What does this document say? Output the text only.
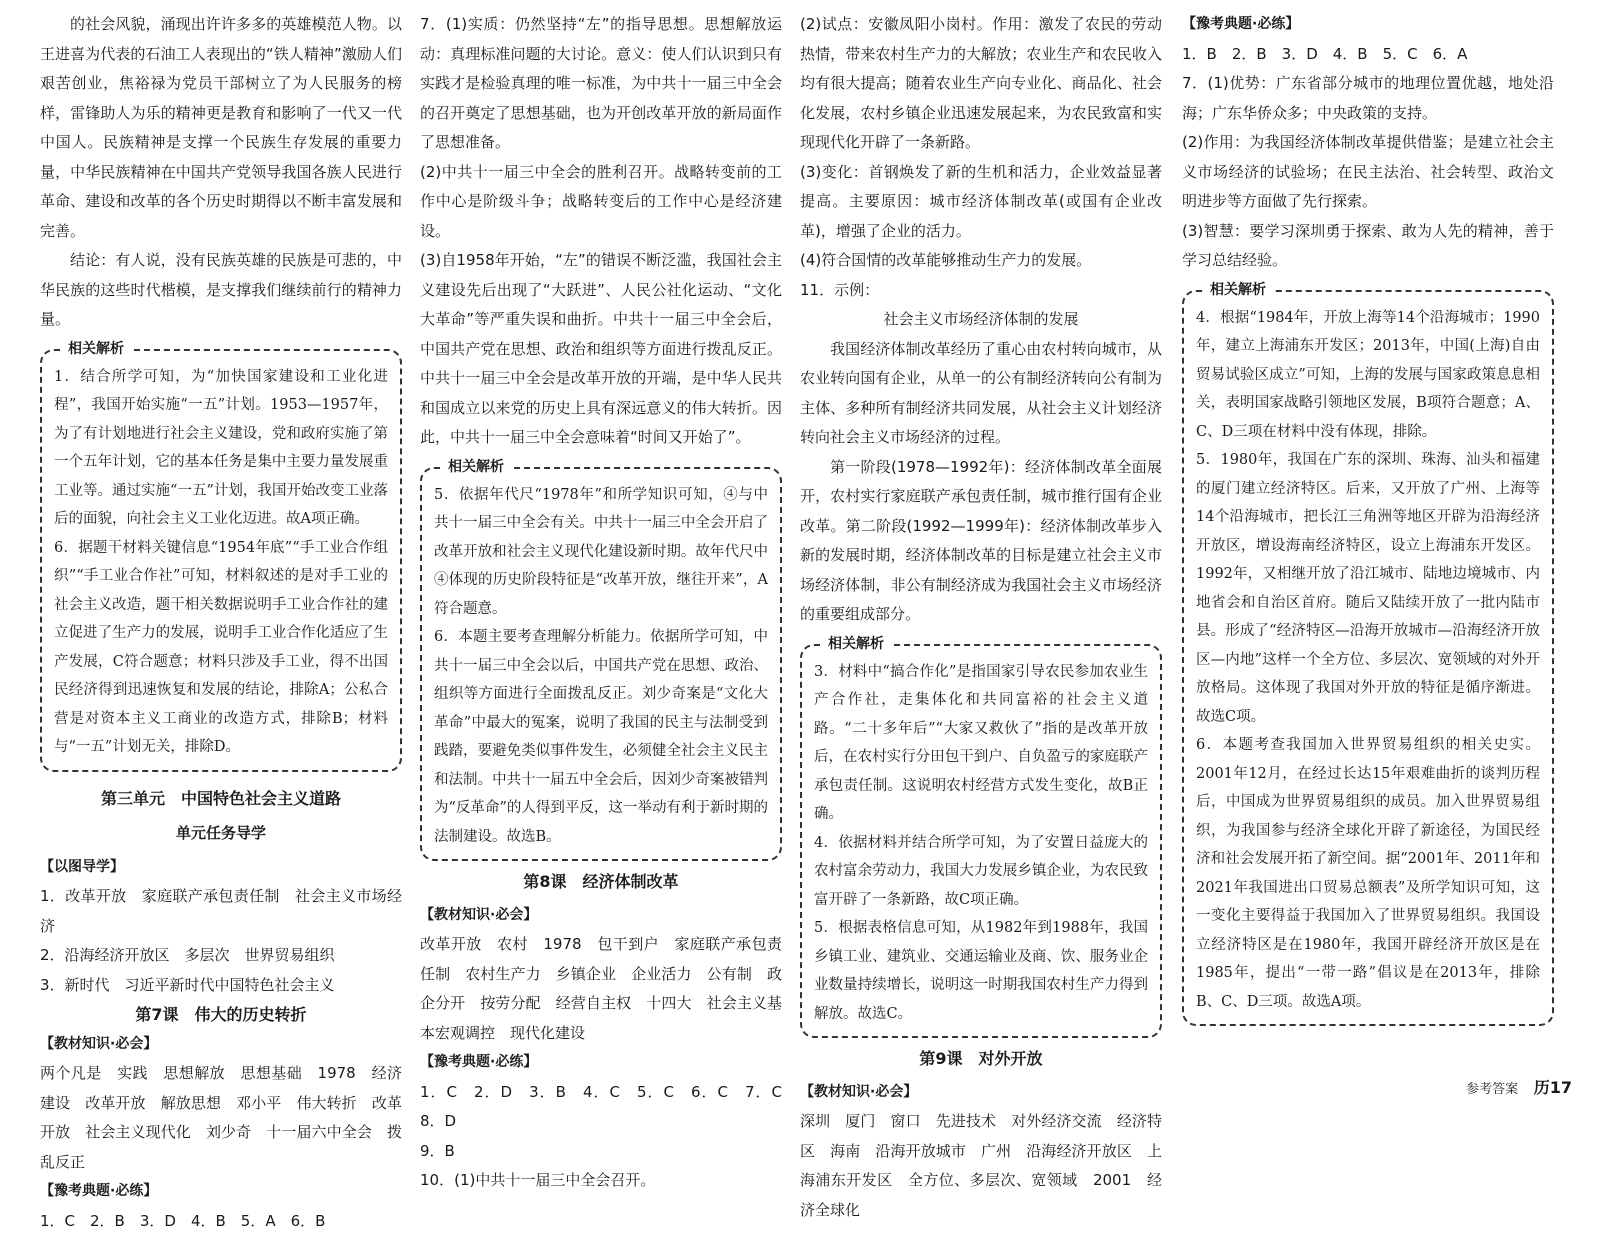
的社会风貌，涌现出许许多多的英雄模范人物。以王进喜为代表的石油工人表现出的“铁人精神”激励人们艰苦创业，焦裕禄为党员干部树立了为人民服务的榜样，雷锋助人为乐的精神更是教育和影响了一代又一代中国人。民族精神是支撑一个民族生存发展的重要力量，中华民族精神在中国共产党领导我国各族人民进行革命、建设和改革的各个历史时期得以不断丰富发展和完善。

结论：有人说，没有民族英雄的民族是可悲的，中华民族的这些时代楷模，是支撑我们继续前行的精神力量。

相关解析

1．结合所学可知，为“加快国家建设和工业化进程”，我国开始实施“一五”计划。1953—1957年，为了有计划地进行社会主义建设，党和政府实施了第一个五年计划，它的基本任务是集中主要力量发展重工业等。通过实施“一五”计划，我国开始改变工业落后的面貌，向社会主义工业化迈进。故A项正确。

6．据题干材料关键信息“1954年底”“手工业合作组织”“手工业合作社”可知，材料叙述的是对手工业的社会主义改造，题干相关数据说明手工业合作社的建立促进了生产力的发展，说明手工业合作化适应了生产发展，C符合题意；材料只涉及手工业，得不出国民经济得到迅速恢复和发展的结论，排除A；公私合营是对资本主义工商业的改造方式，排除B；材料与“一五”计划无关，排除D。

第三单元　中国特色社会主义道路
单元任务导学
【以图导学】

1．改革开放　家庭联产承包责任制　社会主义市场经济

2．沿海经济开放区　多层次　世界贸易组织

3．新时代　习近平新时代中国特色社会主义

第7课　伟大的历史转折
【教材知识·必会】

两个凡是　实践　思想解放　思想基础　1978　经济建设　改革开放　解放思想　邓小平　伟大转折　改革开放　社会主义现代化　刘少奇　十一届六中全会　拨乱反正

【豫考典题·必练】

1．C　2．B　3．D　4．B　5．A　6．B

7．(1)实质：仍然坚持“左”的指导思想。思想解放运动：真理标准问题的大讨论。意义：使人们认识到只有实践才是检验真理的唯一标准，为中共十一届三中全会的召开奠定了思想基础，也为开创改革开放的新局面作了思想准备。

(2)中共十一届三中全会的胜利召开。战略转变前的工作中心是阶级斗争；战略转变后的工作中心是经济建设。

(3)自1958年开始，“左”的错误不断泛滥，我国社会主义建设先后出现了“大跃进”、人民公社化运动、“文化大革命”等严重失误和曲折。中共十一届三中全会后，中国共产党在思想、政治和组织等方面进行拨乱反正。中共十一届三中全会是改革开放的开端，是中华人民共和国成立以来党的历史上具有深远意义的伟大转折。因此，中共十一届三中全会意味着“时间又开始了”。

相关解析

5．依据年代尺“1978年”和所学知识可知，④与中共十一届三中全会有关。中共十一届三中全会开启了改革开放和社会主义现代化建设新时期。故年代尺中④体现的历史阶段特征是“改革开放，继往开来”，A符合题意。

6．本题主要考查理解分析能力。依据所学可知，中共十一届三中全会以后，中国共产党在思想、政治、组织等方面进行全面拨乱反正。刘少奇案是“文化大革命”中最大的冤案，说明了我国的民主与法制受到践踏，要避免类似事件发生，必须健全社会主义民主和法制。中共十一届五中全会后，因刘少奇案被错判为“反革命”的人得到平反，这一举动有利于新时期的法制建设。故选B。

第8课　经济体制改革
【教材知识·必会】

改革开放　农村　1978　包干到户　家庭联产承包责任制　农村生产力　乡镇企业　企业活力　公有制　政企分开　按劳分配　经营自主权　十四大　社会主义基本宏观调控　现代化建设

【豫考典题·必练】

1．C　2．D　3．B　4．C　5．C　6．C　7．C　8．D

9．B

10．(1)中共十一届三中全会召开。

(2)试点：安徽凤阳小岗村。作用：激发了农民的劳动热情，带来农村生产力的大解放；农业生产和农民收入均有很大提高；随着农业生产向专业化、商品化、社会化发展，农村乡镇企业迅速发展起来，为农民致富和实现现代化开辟了一条新路。

(3)变化：首钢焕发了新的生机和活力，企业效益显著提高。主要原因：城市经济体制改革(或国有企业改革)，增强了企业的活力。

(4)符合国情的改革能够推动生产力的发展。

11．示例：

社会主义市场经济体制的发展

我国经济体制改革经历了重心由农村转向城市，从农业转向国有企业，从单一的公有制经济转向公有制为主体、多种所有制经济共同发展，从社会主义计划经济转向社会主义市场经济的过程。

第一阶段(1978—1992年)：经济体制改革全面展开，农村实行家庭联产承包责任制，城市推行国有企业改革。第二阶段(1992—1999年)：经济体制改革步入新的发展时期，经济体制改革的目标是建立社会主义市场经济体制，非公有制经济成为我国社会主义市场经济的重要组成部分。

相关解析

3．材料中“搞合作化”是指国家引导农民参加农业生产合作社，走集体化和共同富裕的社会主义道路。“二十多年后”“大家又救伙了”指的是改革开放后，在农村实行分田包干到户、自负盈亏的家庭联产承包责任制。这说明农村经营方式发生变化，故B正确。

4．依据材料并结合所学可知，为了安置日益庞大的农村富余劳动力，我国大力发展乡镇企业，为农民致富开辟了一条新路，故C项正确。

5．根据表格信息可知，从1982年到1988年，我国乡镇工业、建筑业、交通运输业及商、饮、服务业企业数量持续增长，说明这一时期我国农村生产力得到解放。故选C。

第9课　对外开放
【教材知识·必会】

深圳　厦门　窗口　先进技术　对外经济交流　经济特区　海南　沿海开放城市　广州　沿海经济开放区　上海浦东开发区　全方位、多层次、宽领域　2001　经济全球化

【豫考典题·必练】

1．B　2．B　3．D　4．B　5．C　6．A

7．(1)优势：广东省部分城市的地理位置优越，地处沿海；广东华侨众多；中央政策的支持。

(2)作用：为我国经济体制改革提供借鉴；是建立社会主义市场经济的试验场；在民主法治、社会转型、政治文明进步等方面做了先行探索。

(3)智慧：要学习深圳勇于探索、敢为人先的精神，善于学习总结经验。

相关解析

4．根据“1984年，开放上海等14个沿海城市；1990年，建立上海浦东开发区；2013年，中国(上海)自由贸易试验区成立”可知，上海的发展与国家政策息息相关，表明国家战略引领地区发展，B项符合题意；A、C、D三项在材料中没有体现，排除。

5．1980年，我国在广东的深圳、珠海、汕头和福建的厦门建立经济特区。后来，又开放了广州、上海等14个沿海城市，把长江三角洲等地区开辟为沿海经济开放区，增设海南经济特区，设立上海浦东开发区。1992年，又相继开放了沿江城市、陆地边境城市、内地省会和自治区首府。随后又陆续开放了一批内陆市县。形成了“经济特区—沿海开放城市—沿海经济开放区—内地”这样一个全方位、多层次、宽领域的对外开放格局。这体现了我国对外开放的特征是循序渐进。故选C项。

6．本题考查我国加入世界贸易组织的相关史实。2001年12月，在经过长达15年艰难曲折的谈判历程后，中国成为世界贸易组织的成员。加入世界贸易组织，为我国参与经济全球化开辟了新途径，为国民经济和社会发展开拓了新空间。据“2001年、2011年和2021年我国进出口贸易总额表”及所学知识可知，这一变化主要得益于我国加入了世界贸易组织。我国设立经济特区是在1980年，我国开辟经济开放区是在1985年，提出“一带一路”倡议是在2013年，排除B、C、D三项。故选A项。

参考答案 历17
